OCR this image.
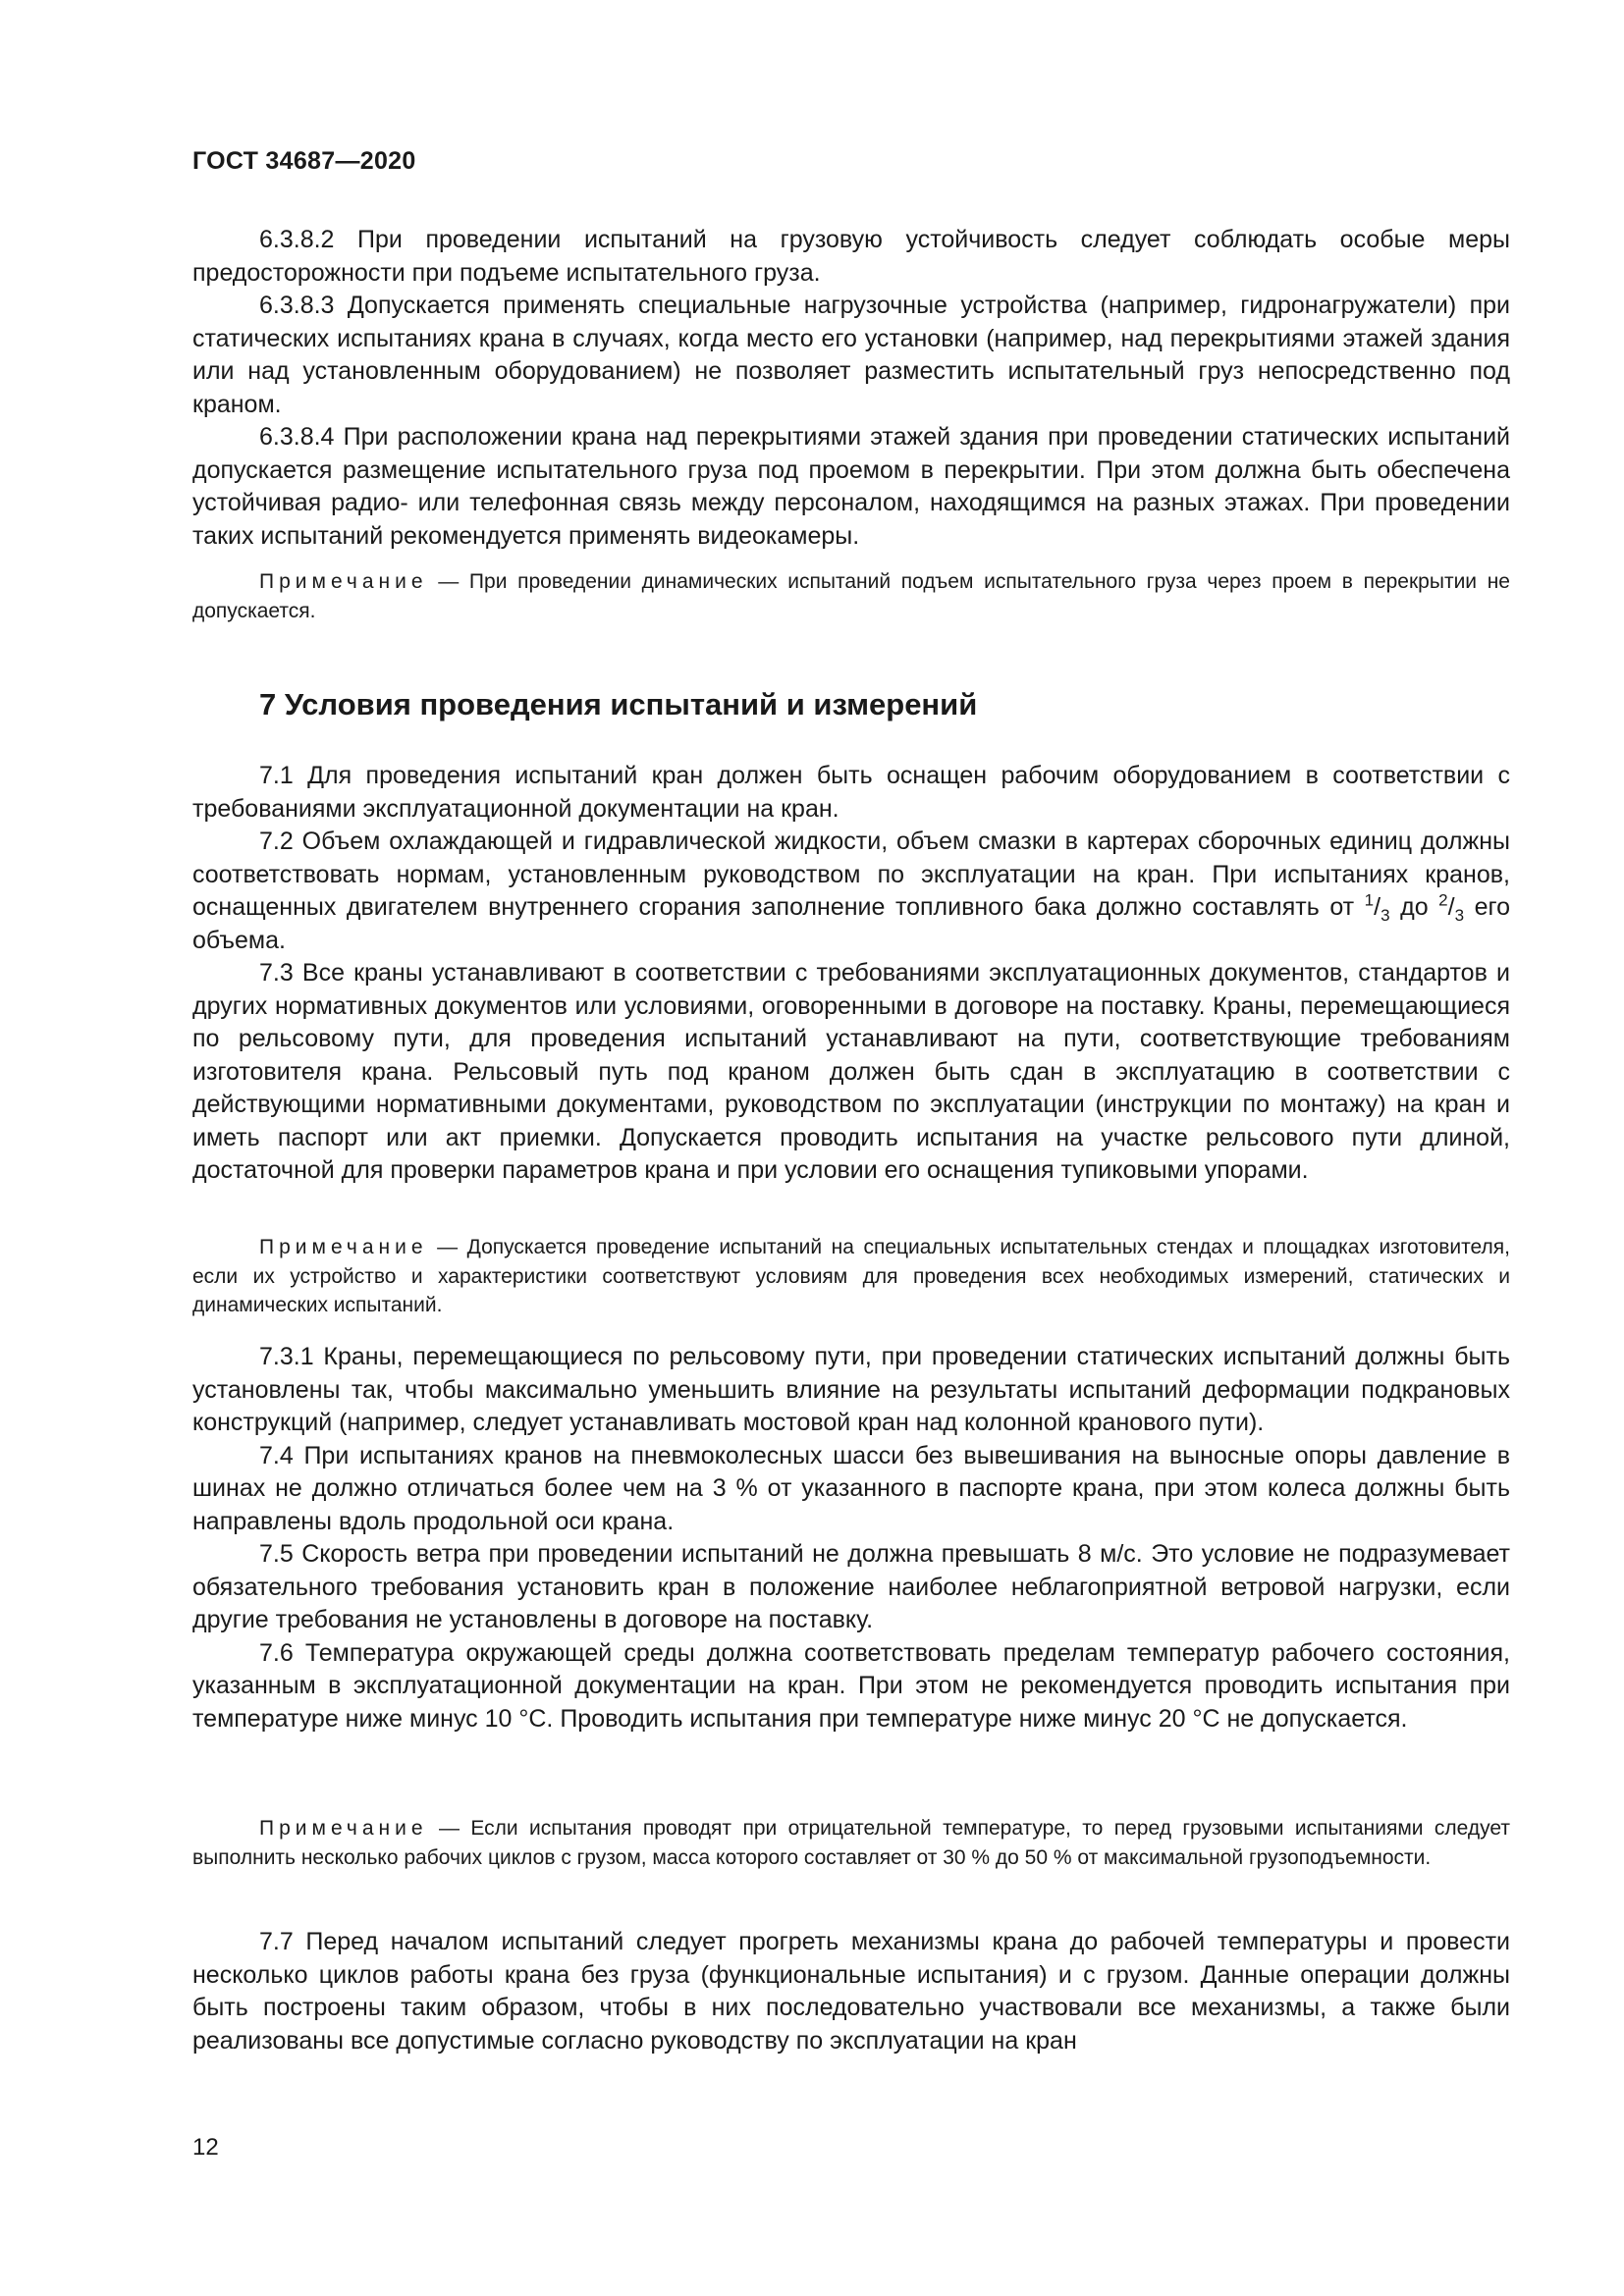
ГОСТ 34687—2020

6.3.8.2 При проведении испытаний на грузовую устойчивость следует соблюдать особые меры предосторожности при подъеме испытательного груза.

6.3.8.3 Допускается применять специальные нагрузочные устройства (например, гидронагружатели) при статических испытаниях крана в случаях, когда место его установки (например, над перекрытиями этажей здания или над установленным оборудованием) не позволяет разместить испытательный груз непосредственно под краном.

6.3.8.4 При расположении крана над перекрытиями этажей здания при проведении статических испытаний допускается размещение испытательного груза под проемом в перекрытии. При этом должна быть обеспечена устойчивая радио- или телефонная связь между персоналом, находящимся на разных этажах. При проведении таких испытаний рекомендуется применять видеокамеры.

Примечание — При проведении динамических испытаний подъем испытательного груза через проем в перекрытии не допускается.

7 Условия проведения испытаний и измерений

7.1 Для проведения испытаний кран должен быть оснащен рабочим оборудованием в соответствии с требованиями эксплуатационной документации на кран.

7.2 Объем охлаждающей и гидравлической жидкости, объем смазки в картерах сборочных единиц должны соответствовать нормам, установленным руководством по эксплуатации на кран. При испытаниях кранов, оснащенных двигателем внутреннего сгорания заполнение топливного бака должно составлять от $^1/_3$ до $^2/_3$ его объема.

7.3 Все краны устанавливают в соответствии с требованиями эксплуатационных документов, стандартов и других нормативных документов или условиями, оговоренными в договоре на поставку. Краны, перемещающиеся по рельсовому пути, для проведения испытаний устанавливают на пути, соответствующие требованиям изготовителя крана. Рельсовый путь под краном должен быть сдан в эксплуатацию в соответствии с действующими нормативными документами, руководством по эксплуатации (инструкции по монтажу) на кран и иметь паспорт или акт приемки. Допускается проводить испытания на участке рельсового пути длиной, достаточной для проверки параметров крана и при условии его оснащения тупиковыми упорами.

Примечание — Допускается проведение испытаний на специальных испытательных стендах и площадках изготовителя, если их устройство и характеристики соответствуют условиям для проведения всех необходимых измерений, статических и динамических испытаний.

7.3.1 Краны, перемещающиеся по рельсовому пути, при проведении статических испытаний должны быть установлены так, чтобы максимально уменьшить влияние на результаты испытаний деформации подкрановых конструкций (например, следует устанавливать мостовой кран над колонной кранового пути).

7.4 При испытаниях кранов на пневмоколесных шасси без вывешивания на выносные опоры давление в шинах не должно отличаться более чем на 3 % от указанного в паспорте крана, при этом колеса должны быть направлены вдоль продольной оси крана.

7.5 Скорость ветра при проведении испытаний не должна превышать 8 м/с. Это условие не подразумевает обязательного требования установить кран в положение наиболее неблагоприятной ветровой нагрузки, если другие требования не установлены в договоре на поставку.

7.6 Температура окружающей среды должна соответствовать пределам температур рабочего состояния, указанным в эксплуатационной документации на кран. При этом не рекомендуется проводить испытания при температуре ниже минус 10 °С. Проводить испытания при температуре ниже минус 20 °С не допускается.

Примечание — Если испытания проводят при отрицательной температуре, то перед грузовыми испытаниями следует выполнить несколько рабочих циклов с грузом, масса которого составляет от 30 % до 50 % от максимальной грузоподъемности.

7.7 Перед началом испытаний следует прогреть механизмы крана до рабочей температуры и провести несколько циклов работы крана без груза (функциональные испытания) и с грузом. Данные операции должны быть построены таким образом, чтобы в них последовательно участвовали все механизмы, а также были реализованы все допустимые согласно руководству по эксплуатации на кран

12
